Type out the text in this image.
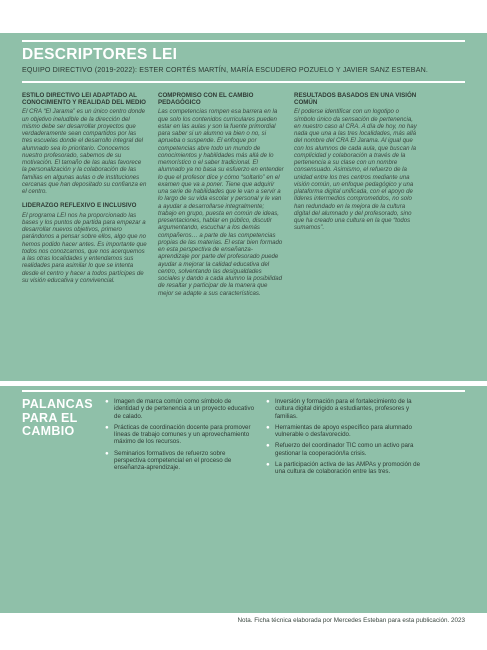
DESCRIPTORES LEI

EQUIPO DIRECTIVO (2019-2022): ESTER CORTÉS MARTÍN, MARÍA ESCUDERO POZUELO Y JAVIER SANZ ESTEBAN.

ESTILO DIRECTIVO LEI ADAPTADO AL CONOCIMIENTO Y REALIDAD DEL MEDIO

El CRA “El Jarama” es un único centro donde un objetivo ineludible de la dirección del mismo debe ser desarrollar proyectos que verdaderamente sean compartidos por las tres escuelas donde el desarrollo integral del alumnado sea lo prioritario. Conocemos nuestro profesorado, sabemos de su motivación. El tamaño de las aulas favorece la personalización y la colaboración de las familias en algunas aulas o de instituciones cercanas que han depositado su confianza en el centro.

LIDERAZGO REFLEXIVO E INCLUSIVO

El programa LEI nos ha proporcionado las bases y los puntos de partida para empezar a desarrollar nuevos objetivos, primero parándonos a pensar sobre ellos, algo que no hemos podido hacer antes. Es importante que todos nos conozcamos, que nos acerquemos a las otras localidades y entendamos sus realidades para asimilar lo que se intenta desde el centro y hacer a todos partícipes de su visión educativa y convivencial.

COMPROMISO CON EL CAMBIO PEDAGÓGICO

Las competencias rompen esa barrera en la que solo los contenidos curriculares pueden estar en las aulas y son la fuente primordial para saber si un alumno va bien o no, si aprueba o suspende. El enfoque por competencias abre todo un mundo de conocimientos y habilidades más allá de lo memorístico o el saber tradicional. El alumnado ya no basa su esfuerzo en entender lo que el profesor dice y cómo “soltarlo” en el examen que va a poner. Tiene que adquirir una serie de habilidades que le van a servir a lo largo de su vida escolar y personal y le van a ayudar a desarrollarse integralmente; trabajo en grupo, puesta en común de ideas, presentaciones, hablar en público, discutir argumentando, escuchar a los demás compañeros… a parte de las competencias propias de las materias. El estar bien formado en esta perspectiva de enseñanza-aprendizaje por parte del profesorado puede ayudar a mejorar la calidad educativa del centro, solventando las desigualdades sociales y dando a cada alumno la posibilidad de resaltar y participar de la manera que mejor se adapte a sus características.

RESULTADOS BASADOS EN UNA VISIÓN COMÚN

El poderse identificar con un logotipo o símbolo único da sensación de pertenencia, en nuestro caso al CRA. A día de hoy, no hay nada que una a las tres localidades, más allá del nombre del CRA El Jarama. Al igual que con los alumnos de cada aula, que buscan la complicidad y colaboración a través de la pertenencia a su clase con un nombre consensuado. Asimismo, el refuerzo de la unidad entre los tres centros mediante una visión común, un enfoque pedagógico y una plataforma digital unificada, con el apoyo de líderes intermedios comprometidos, no solo han redundado en la mejora de la cultura digital del alumnado y del profesorado, sino que ha creado una cultura en la que “todos sumamos”.

PALANCAS PARA EL CAMBIO
● Imagen de marca común como símbolo de identidad y de pertenencia a un proyecto educativo de calado.
● Prácticas de coordinación docente para promover líneas de trabajo comunes y un aprovechamiento máximo de los recursos.
● Seminarios formativos de refuerzo sobre perspectiva competencial en el proceso de enseñanza-aprendizaje.
● Inversión y formación para el fortalecimiento de la cultura digital dirigido a estudiantes, profesores y familias.
● Herramientas de apoyo específico para alumnado vulnerable o desfavorecido.
● Refuerzo del coordinador TIC como un activo para gestionar la cooperación/la crisis.
● La participación activa de las AMPAs y promoción de una cultura de colaboración entre las tres.

Nota. Ficha técnica elaborada por Mercedes Esteban para esta publicación. 2023
